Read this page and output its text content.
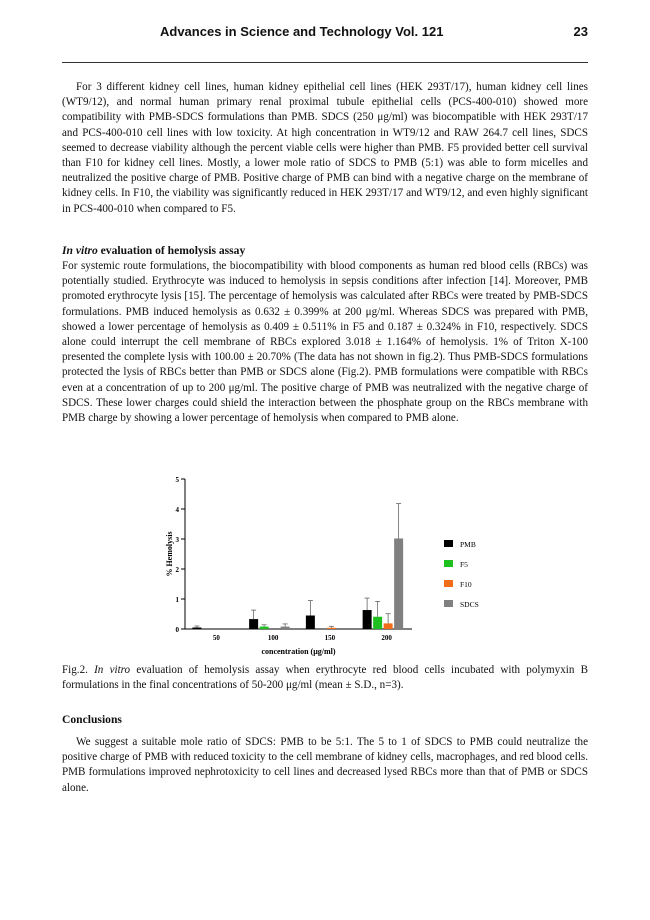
Advances in Science and Technology Vol. 121	23

For 3 different kidney cell lines, human kidney epithelial cell lines (HEK 293T/17), human kidney cell lines (WT9/12), and normal human primary renal proximal tubule epithelial cells (PCS-400-010) showed more compatibility with PMB-SDCS formulations than PMB. SDCS (250 μg/ml) was biocompatible with HEK 293T/17 and PCS-400-010 cell lines with low toxicity. At high concentration in WT9/12 and RAW 264.7 cell lines, SDCS seemed to decrease viability although the percent viable cells were higher than PMB. F5 provided better cell survival than F10 for kidney cell lines. Mostly, a lower mole ratio of SDCS to PMB (5:1) was able to form micelles and neutralized the positive charge of PMB. Positive charge of PMB can bind with a negative charge on the membrane of kidney cells. In F10, the viability was significantly reduced in HEK 293T/17 and WT9/12, and even highly significant in PCS-400-010 when compared to F5.

In vitro evaluation of hemolysis assay

For systemic route formulations, the biocompatibility with blood components as human red blood cells (RBCs) was potentially studied. Erythrocyte was induced to hemolysis in sepsis conditions after infection [14]. Moreover, PMB promoted erythrocyte lysis [15]. The percentage of hemolysis was calculated after RBCs were treated by PMB-SDCS formulations. PMB induced hemolysis as 0.632 ± 0.399% at 200 μg/ml. Whereas SDCS was prepared with PMB, showed a lower percentage of hemolysis as 0.409 ± 0.511% in F5 and 0.187 ± 0.324% in F10, respectively. SDCS alone could interrupt the cell membrane of RBCs explored 3.018 ± 1.164% of hemolysis. 1% of Triton X-100 presented the complete lysis with 100.00 ± 20.70% (The data has not shown in fig.2). Thus PMB-SDCS formulations protected the lysis of RBCs better than PMB or SDCS alone (Fig.2). PMB formulations were compatible with RBCs even at a concentration of up to 200 μg/ml. The positive charge of PMB was neutralized with the negative charge of SDCS. These lower charges could shield the interaction between the phosphate group on the RBCs membrane with PMB charge by showing a lower percentage of hemolysis when compared to PMB alone.

0
1
2
3
4
5
% Hemolysis
50	100	150	200
concentration (μg/ml)
PMB
F5
F10
SDCS

Fig.2. In vitro evaluation of hemolysis assay when erythrocyte red blood cells incubated with polymyxin B formulations in the final concentrations of 50-200 μg/ml (mean ± S.D., n=3).

Conclusions

We suggest a suitable mole ratio of SDCS: PMB to be 5:1. The 5 to 1 of SDCS to PMB could neutralize the positive charge of PMB with reduced toxicity to the cell membrane of kidney cells, macrophages, and red blood cells. PMB formulations improved nephrotoxicity to cell lines and decreased lysed RBCs more than that of PMB or SDCS alone.
